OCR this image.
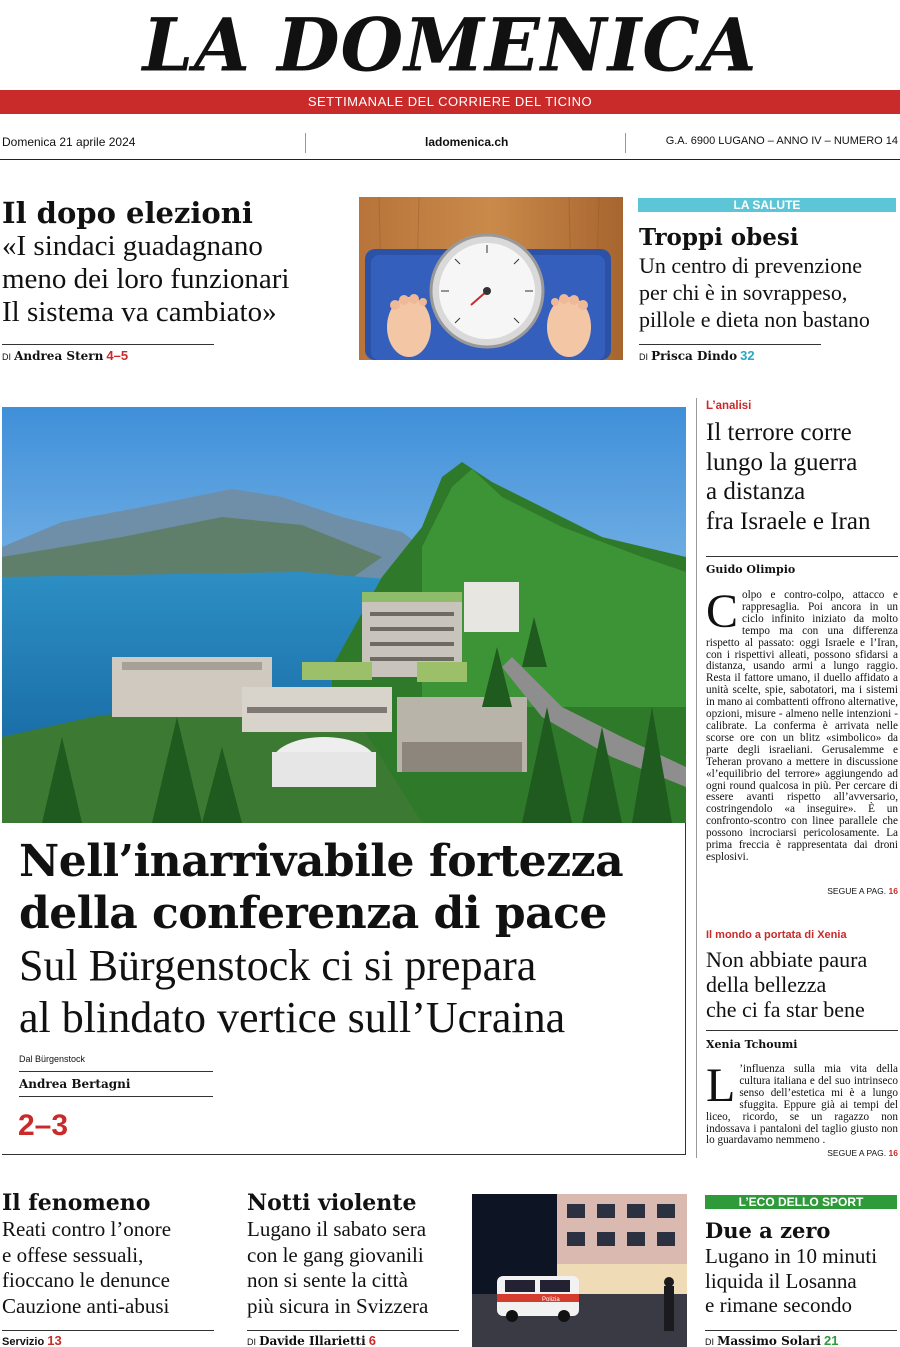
LA DOMENICA
SETTIMANALE DEL CORRIERE DEL TICINO
Domenica 21 aprile 2024	ladomenica.ch	G.A. 6900 LUGANO – ANNO IV – NUMERO 14
Il dopo elezioni
«I sindaci guadagnano
meno dei loro funzionari
Il sistema va cambiato»
DI Andrea Stern 4–5
LA SALUTE
Troppi obesi
Un centro di prevenzione
per chi è in sovrappeso,
pillole e dieta non bastano
DI Prisca Dindo 32
Nell’inarrivabile fortezza
della conferenza di pace
Sul Bürgenstock ci si prepara
al blindato vertice sull’Ucraina
Dal Bürgenstock
Andrea Bertagni
2–3
L’analisi
Il terrore corre
lungo la guerra
a distanza
fra Israele e Iran
Guido Olimpio
Colpo e contro-colpo, attacco e rappresaglia. Poi ancora in un ciclo infinito iniziato da molto tempo ma con una differenza rispetto al passato: oggi Israele e l’Iran, con i rispettivi alleati, possono sfidarsi a distanza, usando armi a lungo raggio. Resta il fattore umano, il duello affidato a unità scelte, spie, sabotatori, ma i sistemi in mano ai combattenti offrono alternative, opzioni, misure - almeno nelle intenzioni - calibrate. La conferma è arrivata nelle scorse ore con un blitz «simbolico» da parte degli israeliani. Gerusalemme e Teheran provano a mettere in discussione «l’equilibrio del terrore» aggiungendo ad ogni round qualcosa in più. Per cercare di essere avanti rispetto all’avversario, costringendolo «a inseguire». È un confronto-scontro con linee parallele che possono incrociarsi pericolosamente. La prima freccia è rappresentata dai droni esplosivi.
SEGUE A PAG. 16
Il mondo a portata di Xenia
Non abbiate paura
della bellezza
che ci fa star bene
Xenia Tchoumi
L ’influenza sulla mia vita della cultura italiana e del suo intrinseco senso dell’estetica mi è a lungo sfuggita. Eppure già ai tempi del liceo, ricordo, se un ragazzo non indossava i pantaloni del taglio giusto non lo guardavamo nemmeno .
SEGUE A PAG. 16
Il fenomeno
Reati contro l’onore
e offese sessuali,
fioccano le denunce
Cauzione anti-abusi
Servizio 13
Notti violente
Lugano il sabato sera
con le gang giovanili
non si sente la città
più sicura in Svizzera
DI Davide Illarietti 6
Polizia
L’ECO DELLO SPORT
Due a zero
Lugano in 10 minuti
liquida il Losanna
e rimane secondo
DI Massimo Solari 21
